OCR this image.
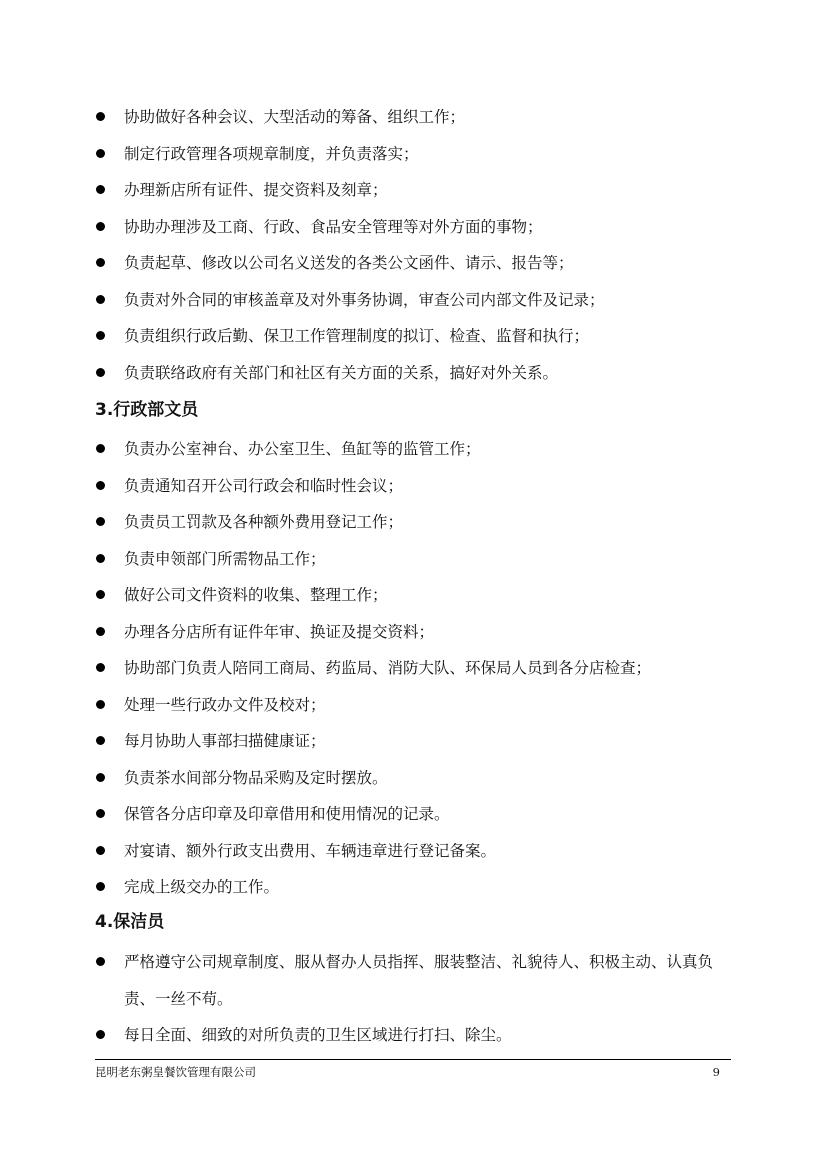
协助做好各种会议、大型活动的筹备、组织工作；
制定行政管理各项规章制度，并负责落实；
办理新店所有证件、提交资料及刻章；
协助办理涉及工商、行政、食品安全管理等对外方面的事物；
负责起草、修改以公司名义送发的各类公文函件、请示、报告等；
负责对外合同的审核盖章及对外事务协调，审查公司内部文件及记录；
负责组织行政后勤、保卫工作管理制度的拟订、检查、监督和执行；
负责联络政府有关部门和社区有关方面的关系，搞好对外关系。
3.行政部文员
负责办公室神台、办公室卫生、鱼缸等的监管工作；
负责通知召开公司行政会和临时性会议；
负责员工罚款及各种额外费用登记工作；
负责申领部门所需物品工作；
做好公司文件资料的收集、整理工作；
办理各分店所有证件年审、换证及提交资料；
协助部门负责人陪同工商局、药监局、消防大队、环保局人员到各分店检查；
处理一些行政办文件及校对；
每月协助人事部扫描健康证；
负责茶水间部分物品采购及定时摆放。
保管各分店印章及印章借用和使用情况的记录。
对宴请、额外行政支出费用、车辆违章进行登记备案。
完成上级交办的工作。
4.保洁员
严格遵守公司规章制度、服从督办人员指挥、服装整洁、礼貌待人、积极主动、认真负责、一丝不苟。
每日全面、细致的对所负责的卫生区域进行打扫、除尘。
昆明老东粥皇餐饮管理有限公司	9
